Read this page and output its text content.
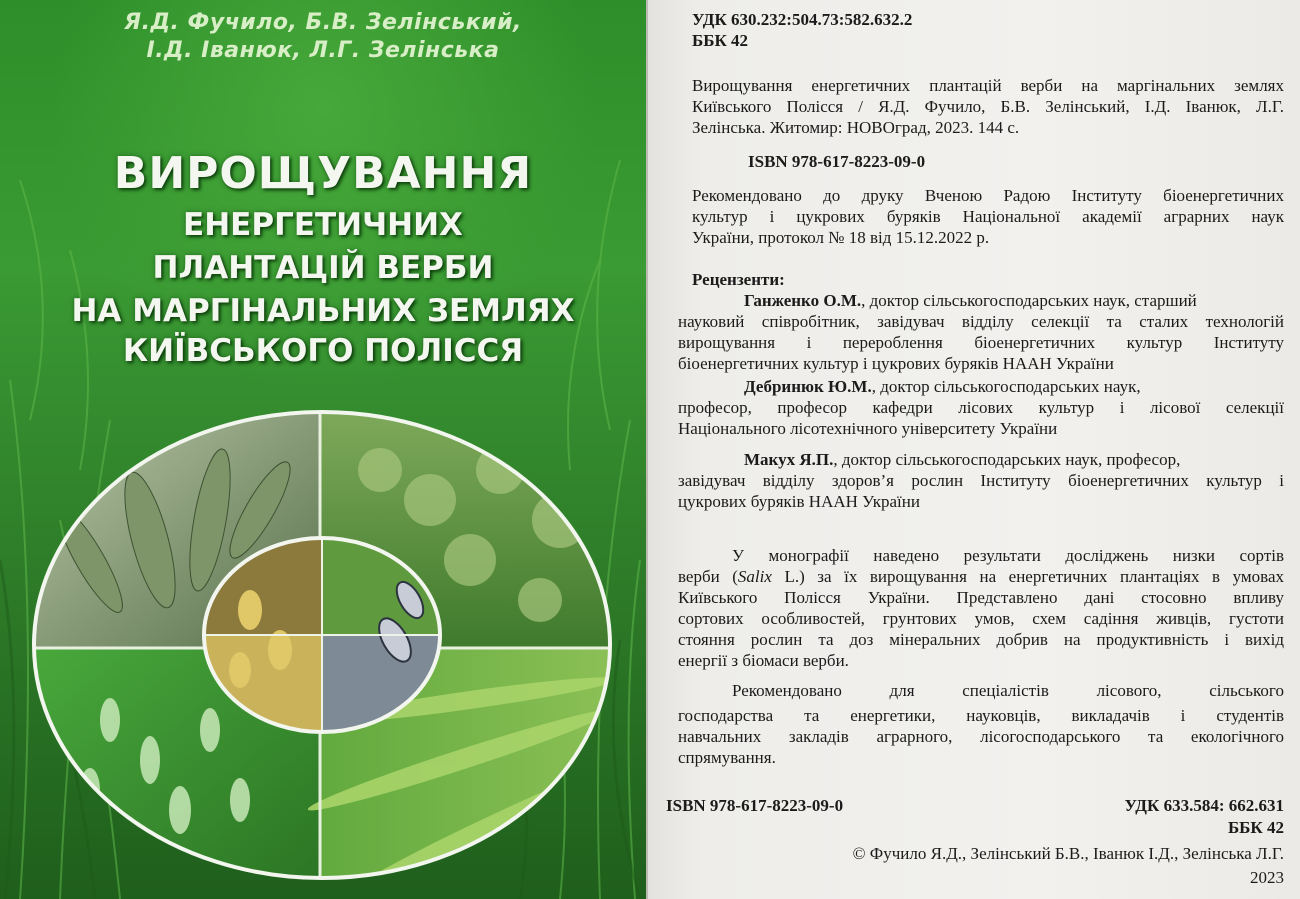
Я.Д. Фучило, Б.В. Зелінський,
І.Д. Іванюк, Л.Г. Зелінська
ВИРОЩУВАННЯ
ЕНЕРГЕТИЧНИХ
ПЛАНТАЦІЙ ВЕРБИ
НА МАРГІНАЛЬНИХ ЗЕМЛЯХ
КИЇВСЬКОГО ПОЛІССЯ
УДК 630.232:504.73:582.632.2
ББК 42
Вирощування енергетичних плантацій верби на маргінальних землях
Київського Полісся / Я.Д. Фучило, Б.В. Зелінський, І.Д. Іванюк, Л.Г.
Зелінська. Житомир: НОВОград, 2023. 144 с.
ISBN 978-617-8223-09-0
Рекомендовано до друку Вченою Радою Інституту біоенергетичних
культур і цукрових буряків Національної академії аграрних наук
України, протокол № 18 від 15.12.2022 р.
Рецензенти:
Ганженко О.М., доктор сільськогосподарських наук, старший
науковий співробітник, завідувач відділу селекції та сталих технологій
вирощування і перероблення біоенергетичних культур Інституту
біоенергетичних культур і цукрових буряків НААН України
Дебринюк Ю.М., доктор сільськогосподарських наук,
професор, професор кафедри лісових культур і лісової селекції
Національного лісотехнічного університету України
Макух Я.П., доктор сільськогосподарських наук, професор,
завідувач відділу здоров’я рослин Інституту біоенергетичних культур і
цукрових буряків НААН України
У монографії наведено результати досліджень низки сортів
верби (Salix L.) за їх вирощування на енергетичних плантаціях в умовах
Київського Полісся України. Представлено дані стосовно впливу
сортових особливостей, грунтових умов, схем садіння живців, густоти
стояння рослин та доз мінеральних добрив на продуктивність і вихід
енергії з біомаси верби.
Рекомендовано для спеціалістів лісового, сільського
господарства та енергетики, науковців, викладачів і студентів
навчальних закладів аграрного, лісогосподарського та екологічного
спрямування.
ISBN 978-617-8223-09-0	УДК 633.584: 662.631
ББК 42
© Фучило Я.Д., Зелінський Б.В., Іванюк І.Д., Зелінська Л.Г.
2023
